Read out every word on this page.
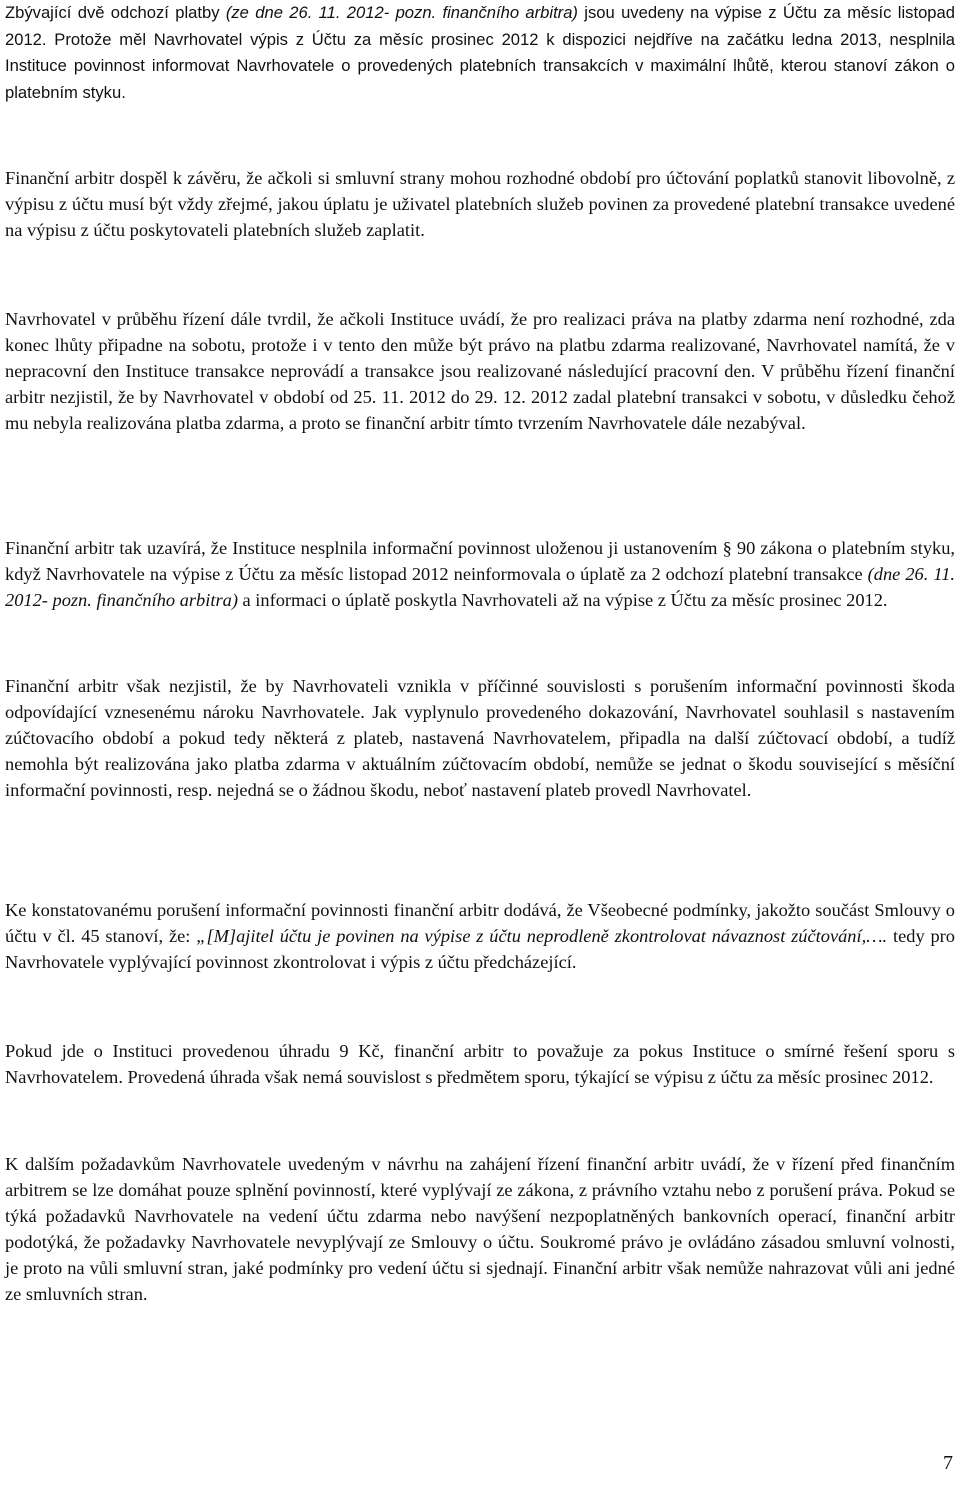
Zbývající dvě odchozí platby (ze dne 26. 11. 2012- pozn. finančního arbitra) jsou uvedeny na výpise z Účtu za měsíc listopad 2012. Protože měl Navrhovatel výpis z Účtu za měsíc prosinec 2012 k dispozici nejdříve na začátku ledna 2013, nesplnila Instituce povinnost informovat Navrhovatele o provedených platebních transakcích v maximální lhůtě, kterou stanoví zákon o platebním styku.

Finanční arbitr dospěl k závěru, že ačkoli si smluvní strany mohou rozhodné období pro účtování poplatků stanovit libovolně, z výpisu z účtu musí být vždy zřejmé, jakou úplatu je uživatel platebních služeb povinen za provedené platební transakce uvedené na výpisu z účtu poskytovateli platebních služeb zaplatit.

Navrhovatel v průběhu řízení dále tvrdil, že ačkoli Instituce uvádí, že pro realizaci práva na platby zdarma není rozhodné, zda konec lhůty připadne na sobotu, protože i v tento den může být právo na platbu zdarma realizované, Navrhovatel namítá, že v nepracovní den Instituce transakce neprovádí a transakce jsou realizované následující pracovní den. V průběhu řízení finanční arbitr nezjistil, že by Navrhovatel v období od 25. 11. 2012 do 29. 12. 2012 zadal platební transakci v sobotu, v důsledku čehož mu nebyla realizována platba zdarma, a proto se finanční arbitr tímto tvrzením Navrhovatele dále nezabýval.

Finanční arbitr tak uzavírá, že Instituce nesplnila informační povinnost uloženou ji ustanovením § 90 zákona o platebním styku, když Navrhovatele na výpise z Účtu za měsíc listopad 2012 neinformovala o úplatě za 2 odchozí platební transakce (dne 26. 11. 2012- pozn. finančního arbitra) a informaci o úplatě poskytla Navrhovateli až na výpise z Účtu za měsíc prosinec 2012.

Finanční arbitr však nezjistil, že by Navrhovateli vznikla v příčinné souvislosti s porušením informační povinnosti škoda odpovídající vznesenému nároku Navrhovatele. Jak vyplynulo provedeného dokazování, Navrhovatel souhlasil s nastavením zúčtovacího období a pokud tedy některá z plateb, nastavená Navrhovatelem, připadla na další zúčtovací období, a tudíž nemohla být realizována jako platba zdarma v aktuálním zúčtovacím období, nemůže se jednat o škodu související s měsíční informační povinnosti, resp. nejedná se o žádnou škodu, neboť nastavení plateb provedl Navrhovatel.

Ke konstatovanému porušení informační povinnosti finanční arbitr dodává, že Všeobecné podmínky, jakožto součást Smlouvy o účtu v čl. 45 stanoví, že: „[M]ajitel účtu je povinen na výpise z účtu neprodleně zkontrolovat návaznost zúčtování,…. tedy pro Navrhovatele vyplývající povinnost zkontrolovat i výpis z účtu předcházející.

Pokud jde o Instituci provedenou úhradu 9 Kč, finanční arbitr to považuje za pokus Instituce o smírné řešení sporu s Navrhovatelem. Provedená úhrada však nemá souvislost s předmětem sporu, týkající se výpisu z účtu za měsíc prosinec 2012.

K dalším požadavkům Navrhovatele uvedeným v návrhu na zahájení řízení finanční arbitr uvádí, že v řízení před finančním arbitrem se lze domáhat pouze splnění povinností, které vyplývají ze zákona, z právního vztahu nebo z porušení práva. Pokud se týká požadavků Navrhovatele na vedení účtu zdarma nebo navýšení nezpoplatněných bankovních operací, finanční arbitr podotýká, že požadavky Navrhovatele nevyplývají ze Smlouvy o účtu. Soukromé právo je ovládáno zásadou smluvní volnosti, je proto na vůli smluvní stran, jaké podmínky pro vedení účtu si sjednají. Finanční arbitr však nemůže nahrazovat vůli ani jedné ze smluvních stran.

7
